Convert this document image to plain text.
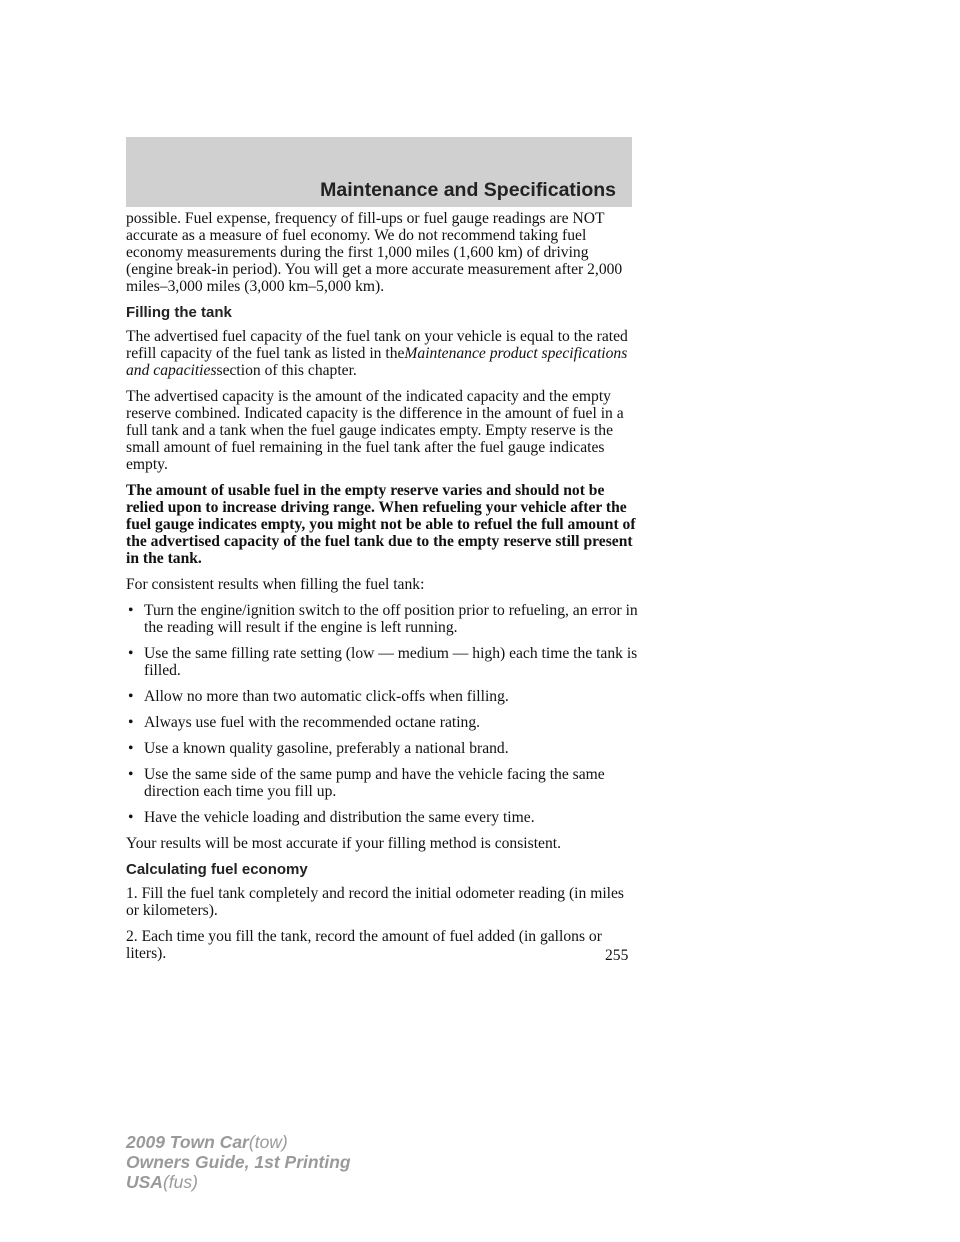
Maintenance and Specifications

possible. Fuel expense, frequency of fill-ups or fuel gauge readings are NOT accurate as a measure of fuel economy. We do not recommend taking fuel economy measurements during the first 1,000 miles (1,600 km) of driving (engine break-in period). You will get a more accurate measurement after 2,000 miles–3,000 miles (3,000 km–5,000 km).

Filling the tank

The advertised fuel capacity of the fuel tank on your vehicle is equal to the rated refill capacity of the fuel tank as listed in theMaintenance product specifications and capacitiessection of this chapter.

The advertised capacity is the amount of the indicated capacity and the empty reserve combined. Indicated capacity is the difference in the amount of fuel in a full tank and a tank when the fuel gauge indicates empty. Empty reserve is the small amount of fuel remaining in the fuel tank after the fuel gauge indicates empty.

The amount of usable fuel in the empty reserve varies and should not be relied upon to increase driving range. When refueling your vehicle after the fuel gauge indicates empty, you might not be able to refuel the full amount of the advertised capacity of the fuel tank due to the empty reserve still present in the tank.

For consistent results when filling the fuel tank:

• Turn the engine/ignition switch to the off position prior to refueling, an error in the reading will result if the engine is left running.
• Use the same filling rate setting (low — medium — high) each time the tank is filled.
• Allow no more than two automatic click-offs when filling.
• Always use fuel with the recommended octane rating.
• Use a known quality gasoline, preferably a national brand.
• Use the same side of the same pump and have the vehicle facing the same direction each time you fill up.
• Have the vehicle loading and distribution the same every time.

Your results will be most accurate if your filling method is consistent.

Calculating fuel economy

1. Fill the fuel tank completely and record the initial odometer reading (in miles or kilometers).

2. Each time you fill the tank, record the amount of fuel added (in gallons or liters).	255
2009 Town Car(tow)
Owners Guide, 1st Printing
USA(fus)
